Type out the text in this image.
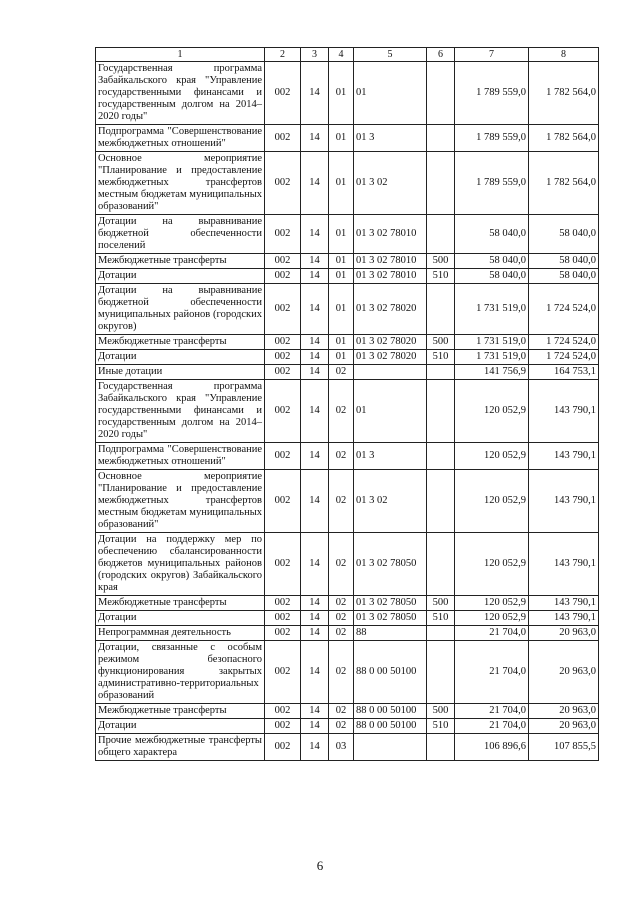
1	2	3	4	5	6	7	8
Государственная программа Забайкальского края "Управление государственными финансами и государственным долгом на 2014–2020 годы"	002	14	01	01		1 789 559,0	1 782 564,0
Подпрограмма "Совершенствование межбюджетных отношений"	002	14	01	01 3		1 789 559,0	1 782 564,0
Основное мероприятие "Планирование и предоставление межбюджетных трансфертов местным бюджетам муниципальных образований"	002	14	01	01 3 02		1 789 559,0	1 782 564,0
Дотации на выравнивание бюджетной обеспеченности поселений	002	14	01	01 3 02 78010		58 040,0	58 040,0
Межбюджетные трансферты	002	14	01	01 3 02 78010	500	58 040,0	58 040,0
Дотации	002	14	01	01 3 02 78010	510	58 040,0	58 040,0
Дотации на выравнивание бюджетной обеспеченности муниципальных районов (городских округов)	002	14	01	01 3 02 78020		1 731 519,0	1 724 524,0
Межбюджетные трансферты	002	14	01	01 3 02 78020	500	1 731 519,0	1 724 524,0
Дотации	002	14	01	01 3 02 78020	510	1 731 519,0	1 724 524,0
Иные дотации	002	14	02			141 756,9	164 753,1
Государственная программа Забайкальского края "Управление государственными финансами и государственным долгом на 2014–2020 годы"	002	14	02	01		120 052,9	143 790,1
Подпрограмма "Совершенствование межбюджетных отношений"	002	14	02	01 3		120 052,9	143 790,1
Основное мероприятие "Планирование и предоставление межбюджетных трансфертов местным бюджетам муниципальных образований"	002	14	02	01 3 02		120 052,9	143 790,1
Дотации на поддержку мер по обеспечению сбалансированности бюджетов муниципальных районов (городских округов) Забайкальского края	002	14	02	01 3 02 78050		120 052,9	143 790,1
Межбюджетные трансферты	002	14	02	01 3 02 78050	500	120 052,9	143 790,1
Дотации	002	14	02	01 3 02 78050	510	120 052,9	143 790,1
Непрограммная деятельность	002	14	02	88		21 704,0	20 963,0
Дотации, связанные с особым режимом безопасного функционирования закрытых административно-территориальных образований	002	14	02	88 0 00 50100		21 704,0	20 963,0
Межбюджетные трансферты	002	14	02	88 0 00 50100	500	21 704,0	20 963,0
Дотации	002	14	02	88 0 00 50100	510	21 704,0	20 963,0
Прочие межбюджетные трансферты общего характера	002	14	03			106 896,6	107 855,5
6
